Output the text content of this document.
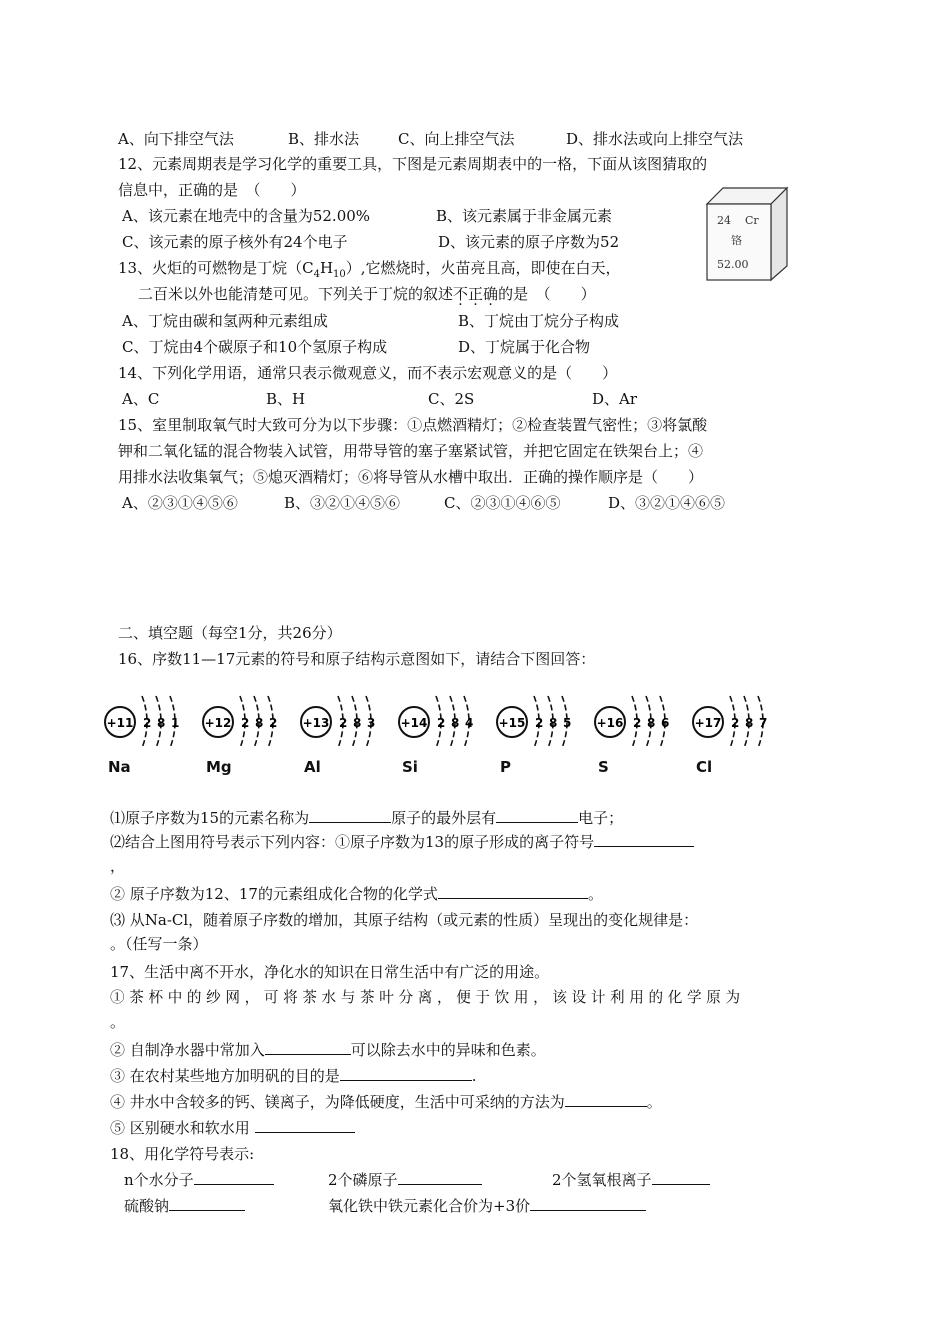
A、向下排空气法	B、排水法	C、向上排空气法	D、排水法或向上排空气法
12、元素周期表是学习化学的重要工具，下图是元素周期表中的一格，下面从该图猜取的
信息中，正确的是　（　　）
A、该元素在地壳中的含量为52.00%	B、该元素属于非金属元素
C、该元素的原子核外有24个电子	D、该元素的原子序数为52
24 Cr
铬
52.00
13、火炬的可燃物是丁烷$(C_4H_{10})$,它燃烧时，火苗亮且高，即使在白天，
二百米以外也能清楚可见。下列关于丁烷的叙述不正确的是　（　　）
A、丁烷由碳和氢两种元素组成	B、丁烷由丁烷分子构成
C、丁烷由4个碳原子和10个氢原子构成	D、丁烷属于化合物
14、下列化学用语，通常只表示微观意义，而不表示宏观意义的是（　　）
A、C	B、H	C、2S	D、Ar
15、室里制取氧气时大致可分为以下步骤：①点燃酒精灯；②检查装置气密性；③将氯酸
钾和二氧化锰的混合物装入试管，用带导管的塞子塞紧试管，并把它固定在铁架台上；④
用排水法收集氧气；⑤熄灭酒精灯；⑥将导管从水槽中取出．正确的操作顺序是（　　）
A、②③①④⑤⑥	B、③②①④⑤⑥	C、②③①④⑥⑤	D、③②①④⑥⑤
二、填空题（每空1分，共26分）
16、序数11—17元素的符号和原子结构示意图如下，请结合下图回答：
+11 2 8 1 +12 2 8 2 +13 2 8 3 +14 2 8 4 +15 2 8 5 +16 2 8 6 +17 2 8 7
⑴原子序数为15的元素名称为	原子的最外层有	电子；
⑵结合上图用符号表示下列内容：①原子序数为13的原子形成的离子符号
，
② 原子序数为12、17的元素组成化合物的化学式	。
⑶ 从Na-Cl，随着原子序数的增加，其原子结构（或元素的性质）呈现出的变化规律是：
。（任写一条）
17、生活中离不开水，净化水的知识在日常生活中有广泛的用途。
① 茶 杯 中 的 纱 网 ， 可 将 茶 水 与 茶 叶 分 离 ， 便 于 饮 用 ， 该 设 计 利 用 的 化 学 原 为
。
② 自制净水器中常加入	可以除去水中的异味和色素。
③ 在农村某些地方加明矾的目的是	.
④ 井水中含较多的钙、镁离子，为降低硬度，生活中可采纳的方法为	。
⑤ 区别硬水和软水用
18、用化学符号表示:
n个水分子	2个磷原子	2个氢氧根离子
硫酸钠	氧化铁中铁元素化合价为+3价
Na	Mg	Al	Si	P	S	Cl
